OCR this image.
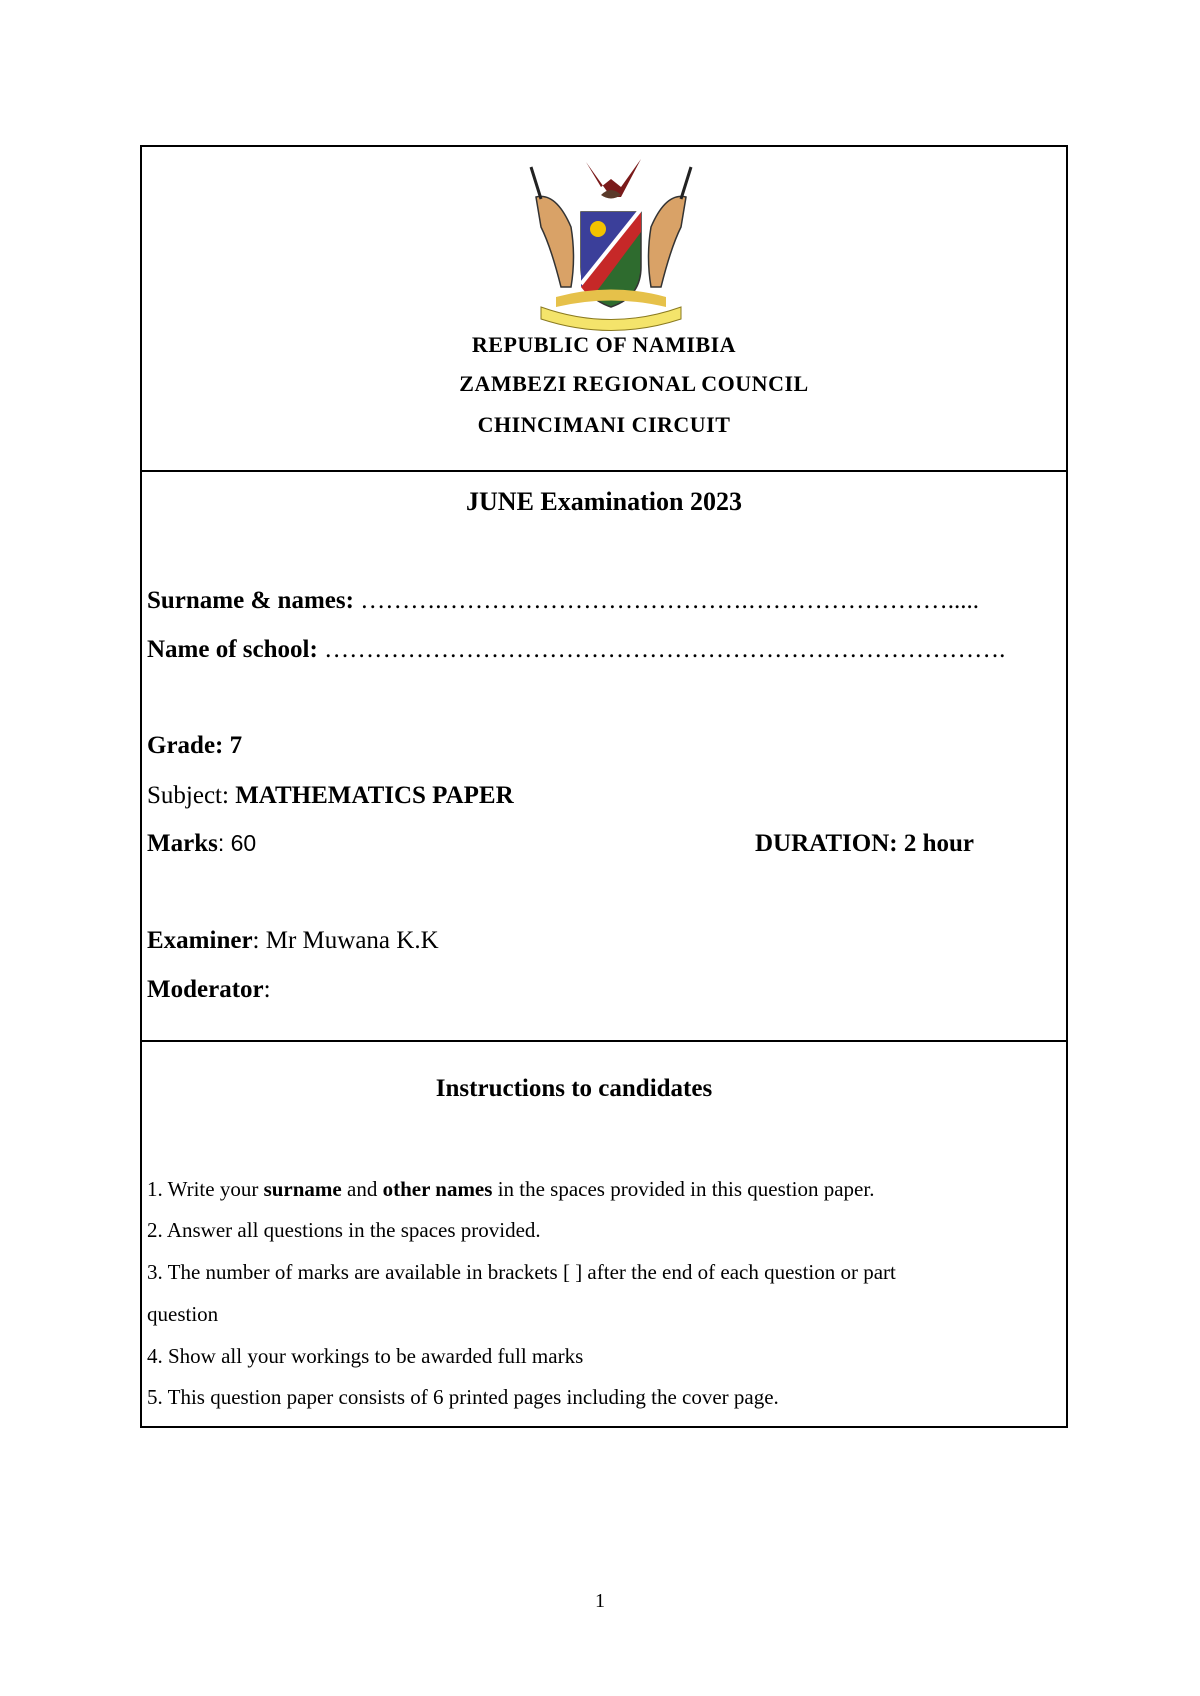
REPUBLIC OF NAMIBIA
ZAMBEZI REGIONAL COUNCIL
CHINCIMANI CIRCUIT
JUNE Examination 2023
Surname & names: ……….……………………………….…………………….....
Name of school: ……………………………………………………………………….
Grade: 7
Subject: MATHEMATICS PAPER
Marks: 60	DURATION: 2 hour
Examiner: Mr Muwana K.K
Moderator:
Instructions to candidates
1. Write your surname and other names in the spaces provided in this question paper.
2. Answer all questions in the spaces provided.
3. The number of marks are available in brackets [ ] after the end of each question or part
question
4. Show all your workings to be awarded full marks
5. This question paper consists of 6 printed pages including the cover page.
1
